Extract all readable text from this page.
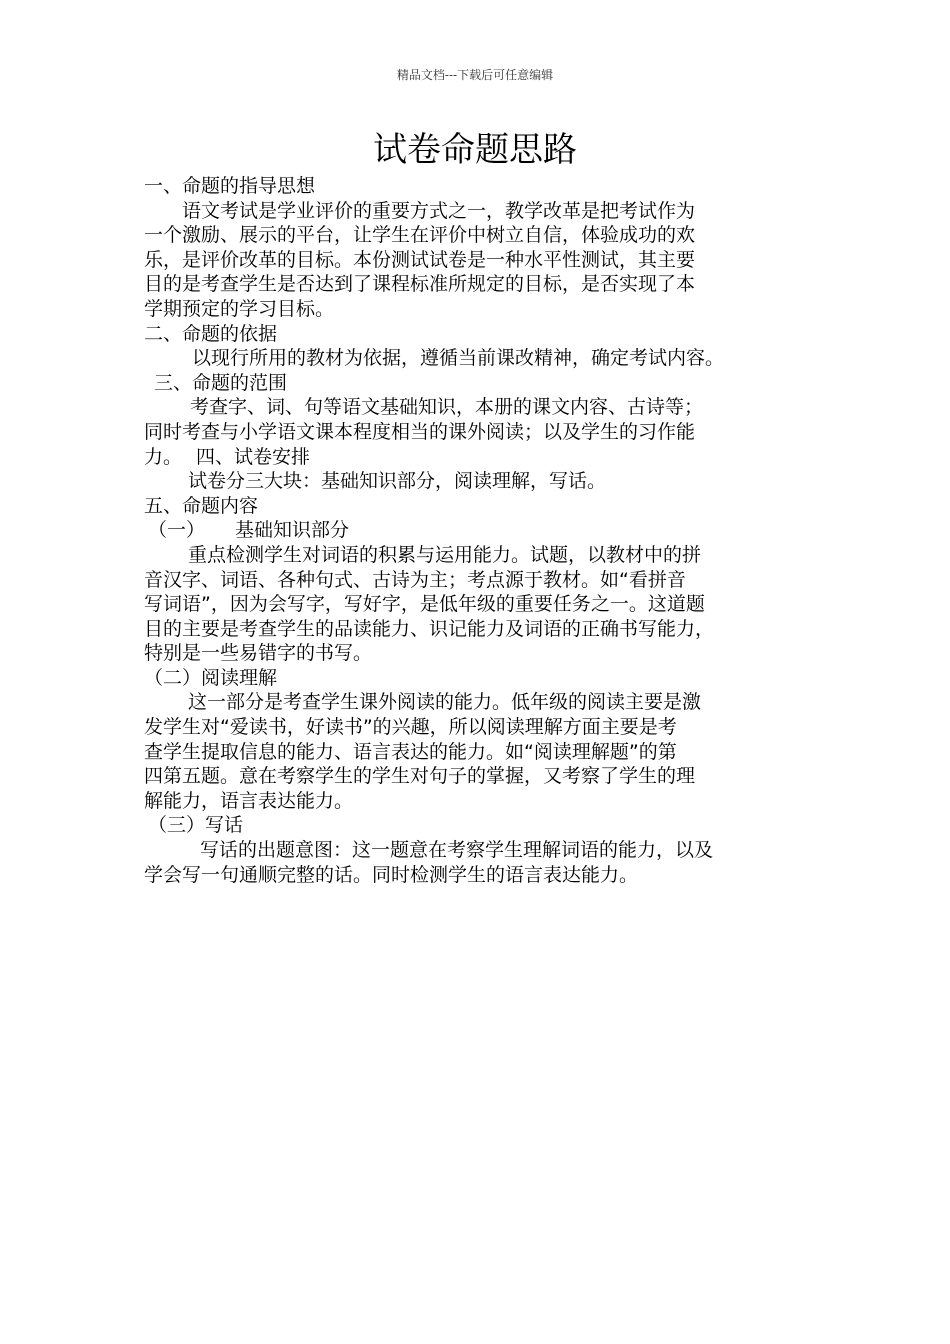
精品文档---下载后可任意编辑
试卷命题思路
一、命题的指导思想
语文考试是学业评价的重要方式之一，教学改革是把考试作为
一个激励、展示的平台，让学生在评价中树立自信，体验成功的欢
乐，是评价改革的目标。本份测试试卷是一种水平性测试，其主要
目的是考查学生是否达到了课程标准所规定的目标，是否实现了本
学期预定的学习目标。
二、命题的依据
以现行所用的教材为依据，遵循当前课改精神，确定考试内容。
三、命题的范围
考查字、词、句等语文基础知识，本册的课文内容、古诗等；
同时考查与小学语文课本程度相当的课外阅读；以及学生的习作能
力。 四、试卷安排
试卷分三大块：基础知识部分，阅读理解，写话。
五、命题内容
（一） 基础知识部分
重点检测学生对词语的积累与运用能力。试题，以教材中的拼
音汉字、词语、各种句式、古诗为主；考点源于教材。如“看拼音
写词语”，因为会写字，写好字，是低年级的重要任务之一。这道题
目的主要是考查学生的品读能力、识记能力及词语的正确书写能力，
特别是一些易错字的书写。
（二）阅读理解
这一部分是考查学生课外阅读的能力。低年级的阅读主要是激
发学生对“爱读书，好读书”的兴趣，所以阅读理解方面主要是考
查学生提取信息的能力、语言表达的能力。如“阅读理解题”的第
四第五题。意在考察学生的学生对句子的掌握，又考察了学生的理
解能力，语言表达能力。
（三）写话
写话的出题意图：这一题意在考察学生理解词语的能力，以及
学会写一句通顺完整的话。同时检测学生的语言表达能力。
